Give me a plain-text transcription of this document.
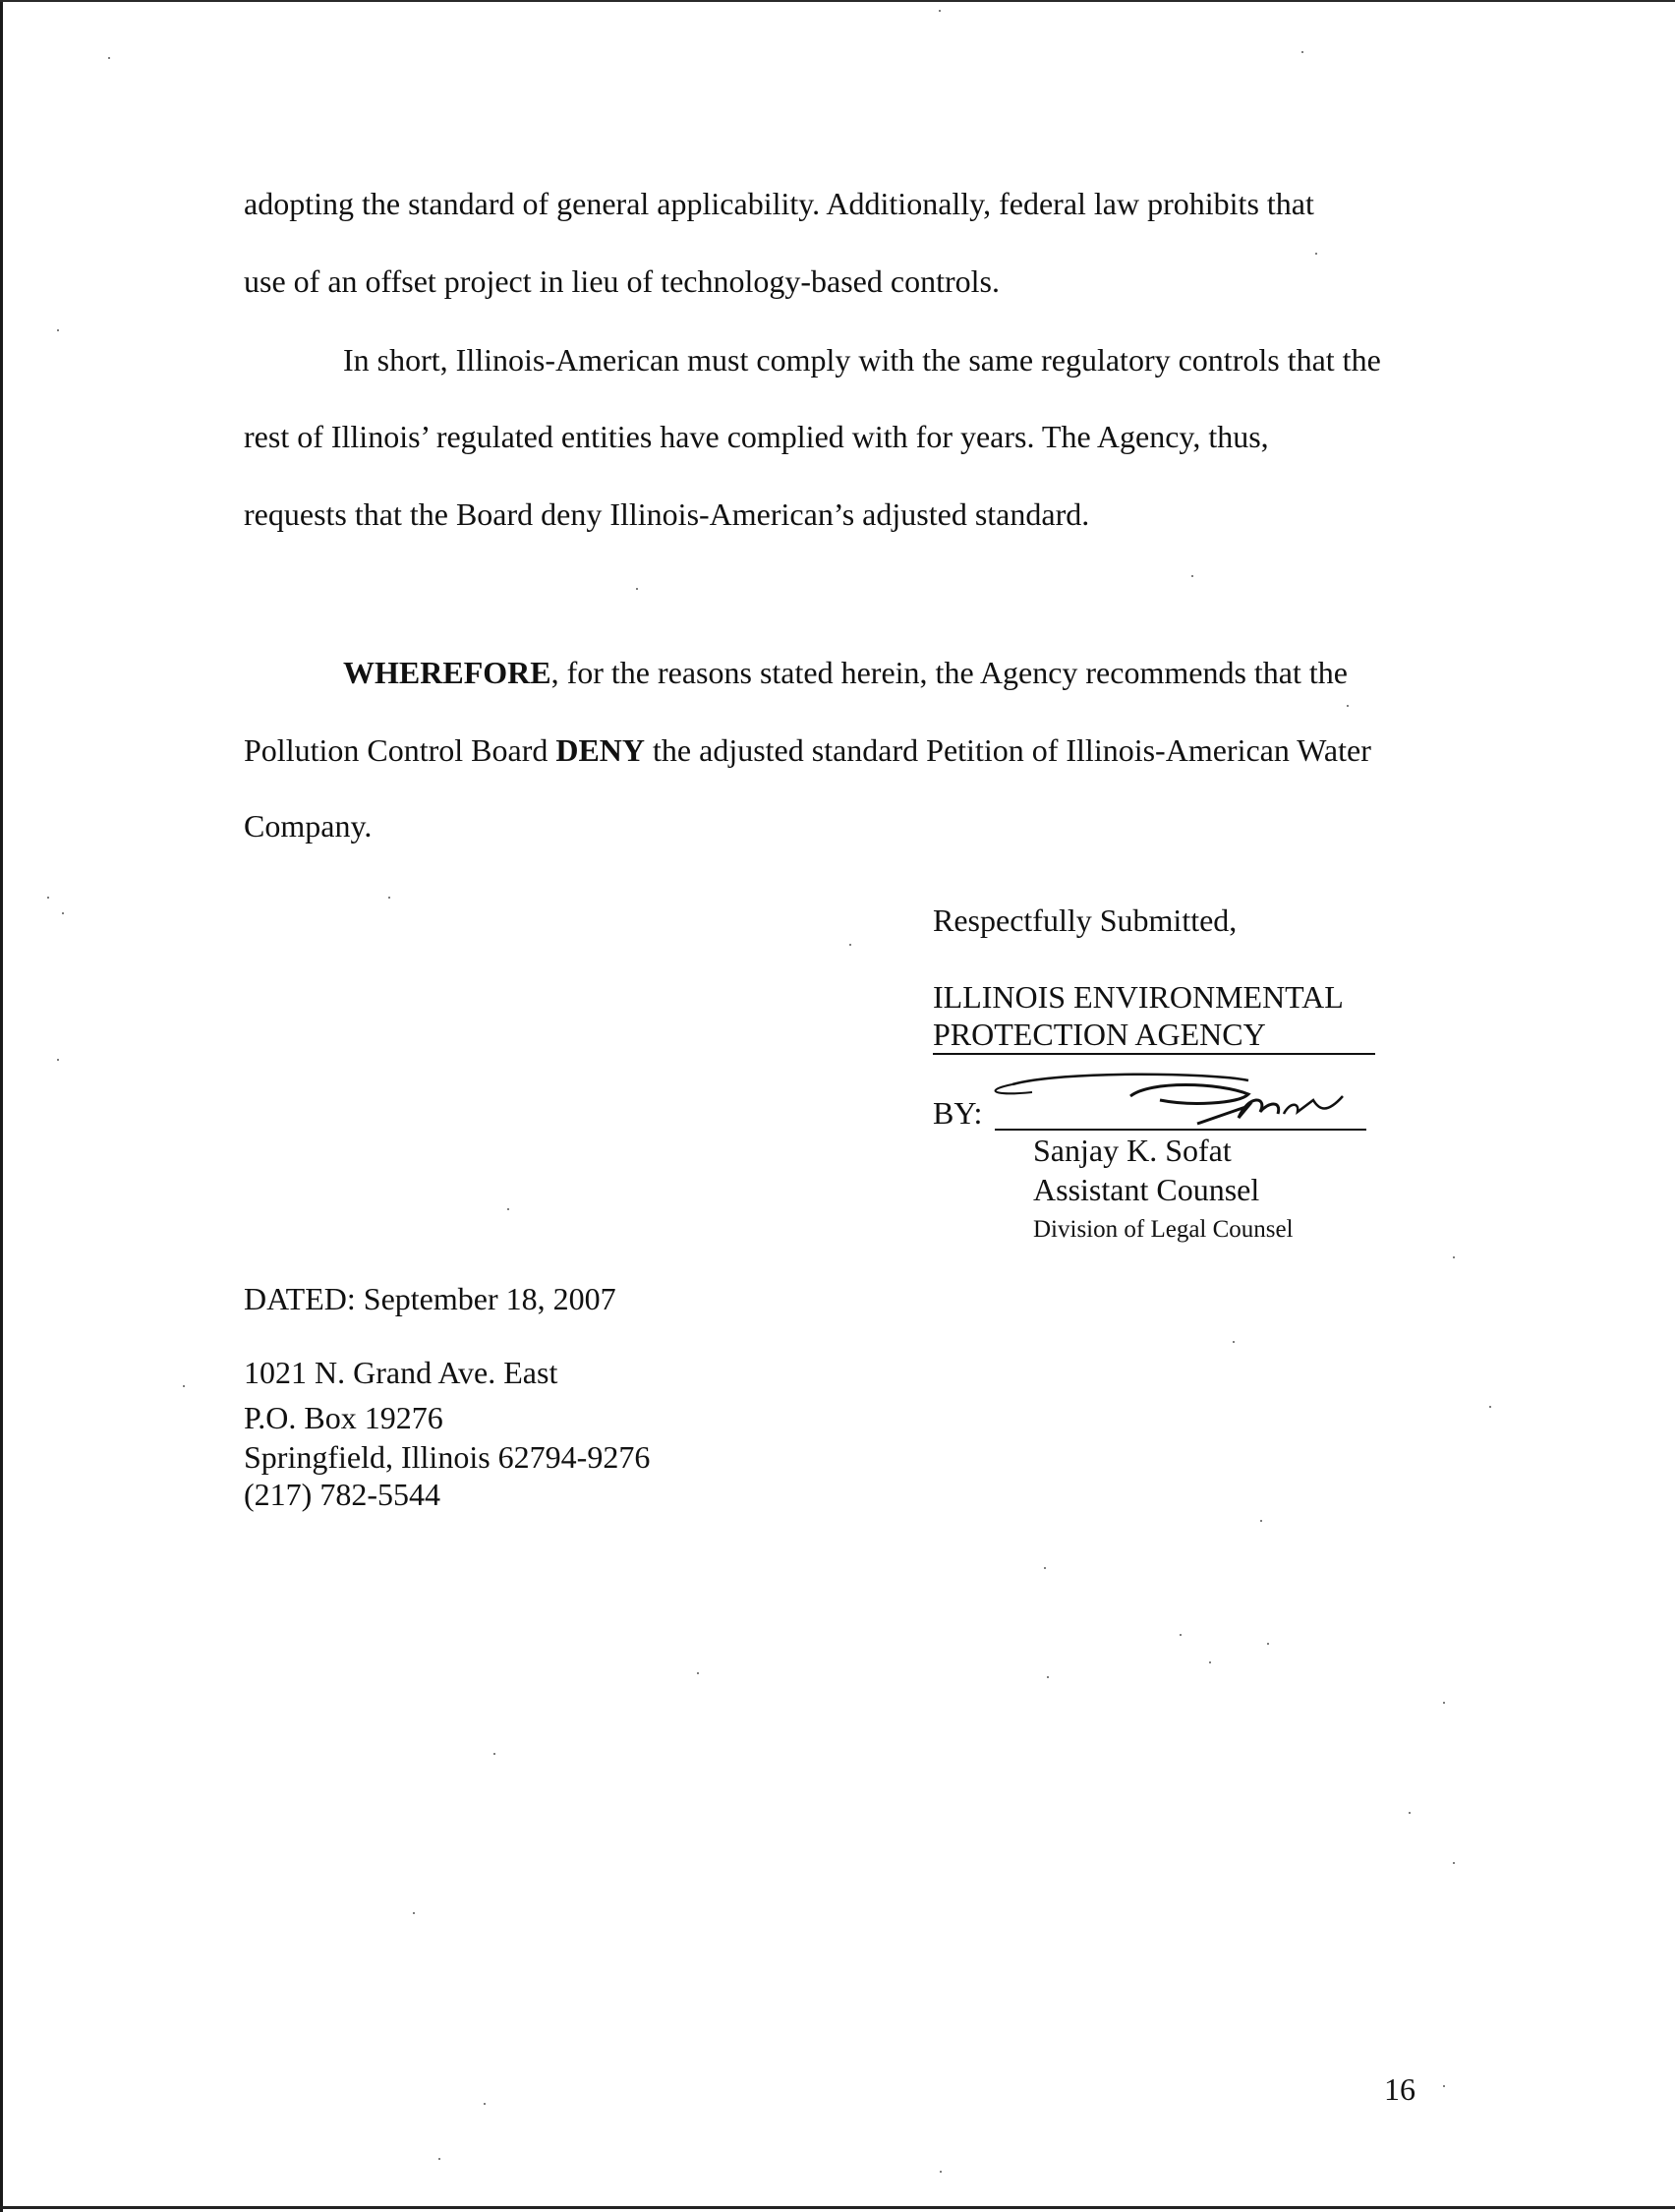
adopting the standard of general applicability. Additionally, federal law prohibits that
use of an offset project in lieu of technology-based controls.
In short, Illinois-American must comply with the same regulatory controls that the
rest of Illinois’ regulated entities have complied with for years. The Agency, thus,
requests that the Board deny Illinois-American’s adjusted standard.
WHEREFORE, for the reasons stated herein, the Agency recommends that the
Pollution Control Board DENY the adjusted standard Petition of Illinois-American Water
Company.
Respectfully Submitted,
ILLINOIS ENVIRONMENTAL
PROTECTION AGENCY
BY:
Sanjay K. Sofat
Assistant Counsel
Division of Legal Counsel
DATED: September 18, 2007
1021 N. Grand Ave. East
P.O. Box 19276
Springfield, Illinois 62794-9276
(217) 782-5544
16
